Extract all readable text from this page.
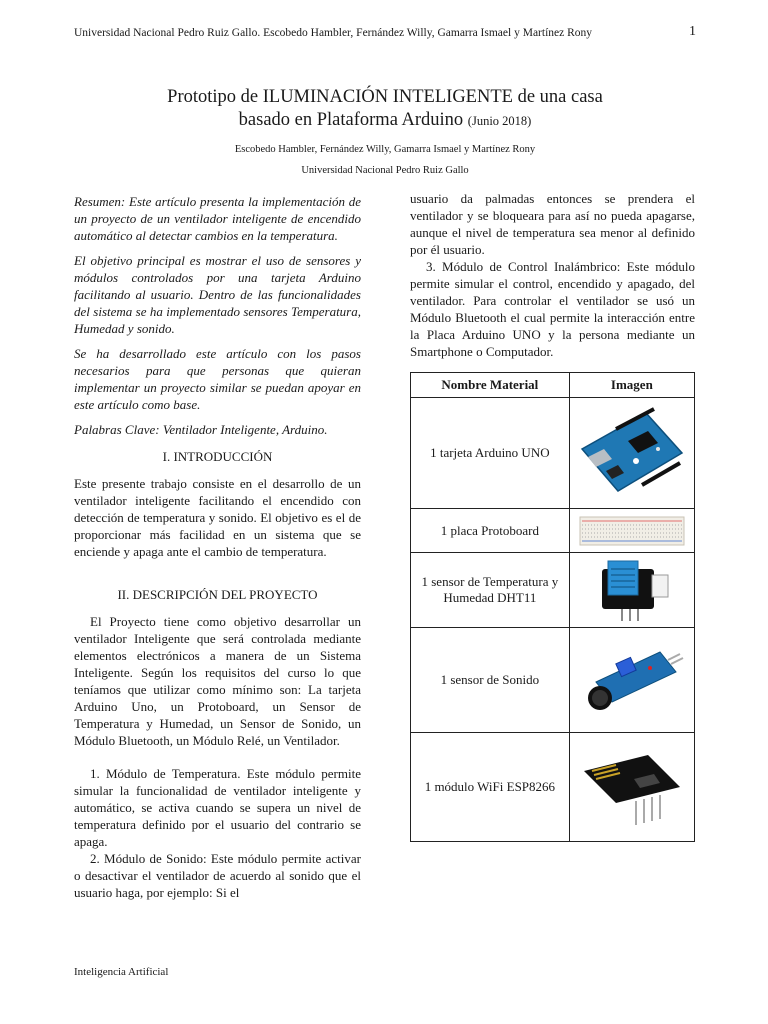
Universidad Nacional Pedro Ruiz Gallo. Escobedo Hambler, Fernández Willy, Gamarra Ismael y Martínez Rony	1
Prototipo de ILUMINACIÓN INTELIGENTE de una casa
basado en Plataforma Arduino (Junio 2018)
Escobedo Hambler, Fernández Willy, Gamarra Ismael y Martínez Rony
Universidad Nacional Pedro Ruiz Gallo

Resumen: Este artículo presenta la implementación de un proyecto de un ventilador inteligente de encendido automático al detectar cambios en la temperatura.

El objetivo principal es mostrar el uso de sensores y módulos controlados por una tarjeta Arduino facilitando al usuario. Dentro de las funcionalidades del sistema se ha implementado sensores Temperatura, Humedad y sonido.

Se ha desarrollado este artículo con los pasos necesarios para que personas que quieran implementar un proyecto similar se puedan apoyar en este artículo como base.

Palabras Clave: Ventilador Inteligente, Arduino.

I. INTRODUCCIÓN

Este presente trabajo consiste en el desarrollo de un ventilador inteligente facilitando el encendido con detección de temperatura y sonido. El objetivo es el de proporcionar más facilidad en un sistema que se enciende y apaga ante el cambio de temperatura.

II. DESCRIPCIÓN DEL PROYECTO

El Proyecto tiene como objetivo desarrollar un ventilador Inteligente que será controlada mediante elementos electrónicos a manera de un Sistema Inteligente. Según los requisitos del curso lo que teníamos que utilizar como mínimo son: La tarjeta Arduino Uno, un Protoboard, un Sensor de Temperatura y Humedad, un Sensor de Sonido, un Módulo Bluetooth, un Módulo Relé, un Ventilador.

1. Módulo de Temperatura. Este módulo permite simular la funcionalidad de ventilador inteligente y automático, se activa cuando se supera un nivel de temperatura definido por el usuario del contrario se apaga.

2. Módulo de Sonido: Este módulo permite activar o desactivar el ventilador de acuerdo al sonido que el usuario haga, por ejemplo: Si el

usuario da palmadas entonces se prendera el ventilador y se bloqueara para así no pueda apagarse, aunque el nivel de temperatura sea menor al definido por él usuario.

3. Módulo de Control Inalámbrico: Este módulo permite simular el control, encendido y apagado, del ventilador. Para controlar el ventilador se usó un Módulo Bluetooth el cual permite la interacción entre la Placa Arduino UNO y la persona mediante un Smartphone o Computador.

Nombre Material	Imagen
1 tarjeta Arduino UNO	

1 placa Protoboard	

1 sensor de Temperatura y Humedad DHT11	

1 sensor de Sonido	

1 módulo WiFi ESP8266	
Inteligencia Artificial
